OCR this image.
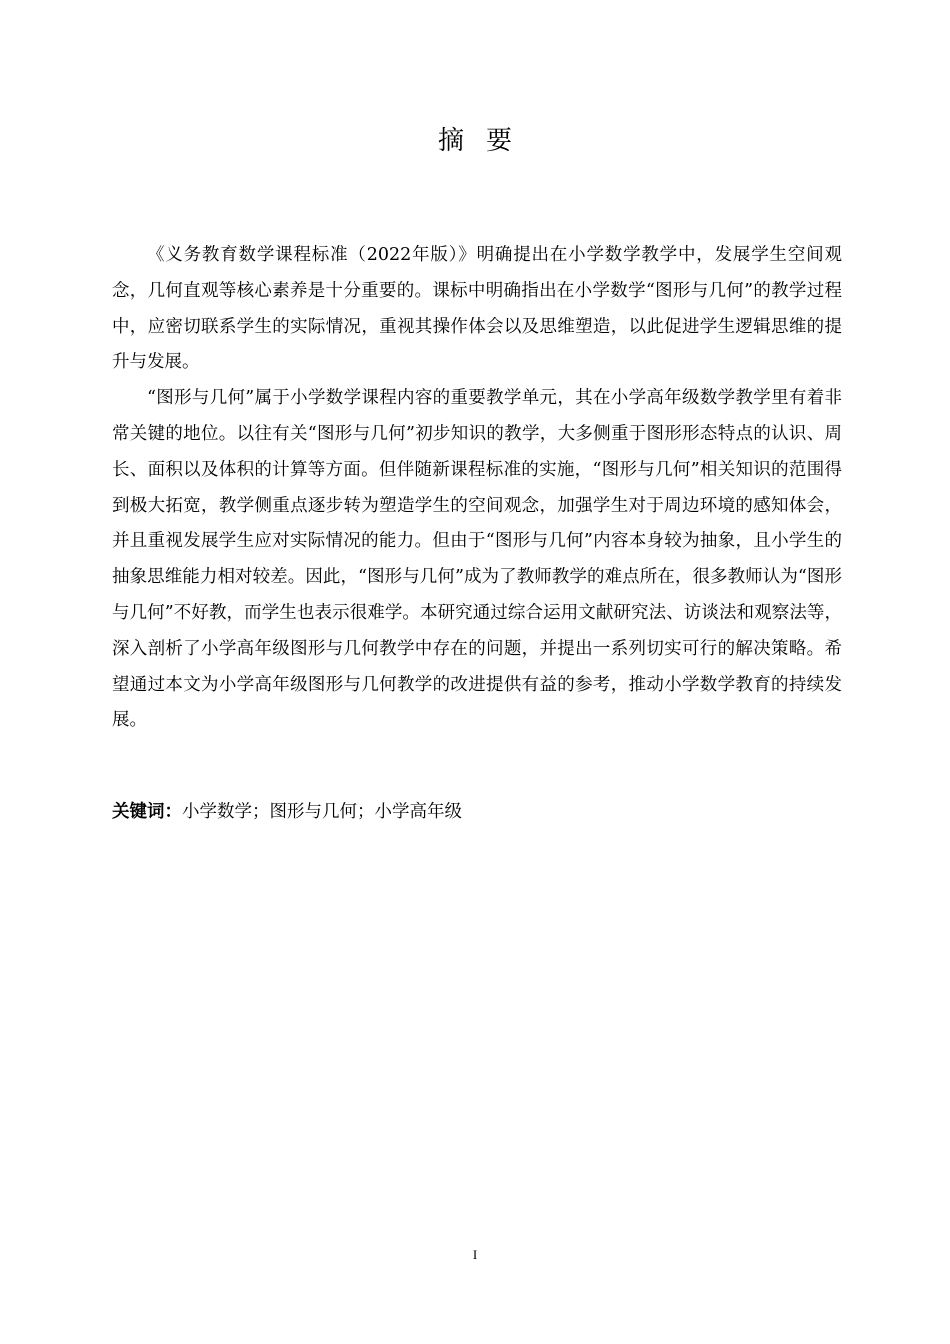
摘要

《义务教育数学课程标准（2022年版）》明确提出在小学数学教学中，发展学生空间观念，几何直观等核心素养是十分重要的。课标中明确指出在小学数学“图形与几何”的教学过程中，应密切联系学生的实际情况，重视其操作体会以及思维塑造，以此促进学生逻辑思维的提升与发展。

“图形与几何”属于小学数学课程内容的重要教学单元，其在小学高年级数学教学里有着非常关键的地位。以往有关“图形与几何”初步知识的教学，大多侧重于图形形态特点的认识、周长、面积以及体积的计算等方面。但伴随新课程标准的实施，“图形与几何”相关知识的范围得到极大拓宽，教学侧重点逐步转为塑造学生的空间观念，加强学生对于周边环境的感知体会，并且重视发展学生应对实际情况的能力。但由于“图形与几何”内容本身较为抽象，且小学生的抽象思维能力相对较差。因此，“图形与几何”成为了教师教学的难点所在，很多教师认为“图形与几何”不好教，而学生也表示很难学。本研究通过综合运用文献研究法、访谈法和观察法等，深入剖析了小学高年级图形与几何教学中存在的问题，并提出一系列切实可行的解决策略。希望通过本文为小学高年级图形与几何教学的改进提供有益的参考，推动小学数学教育的持续发展。

关键词：小学数学；图形与几何；小学高年级
I
